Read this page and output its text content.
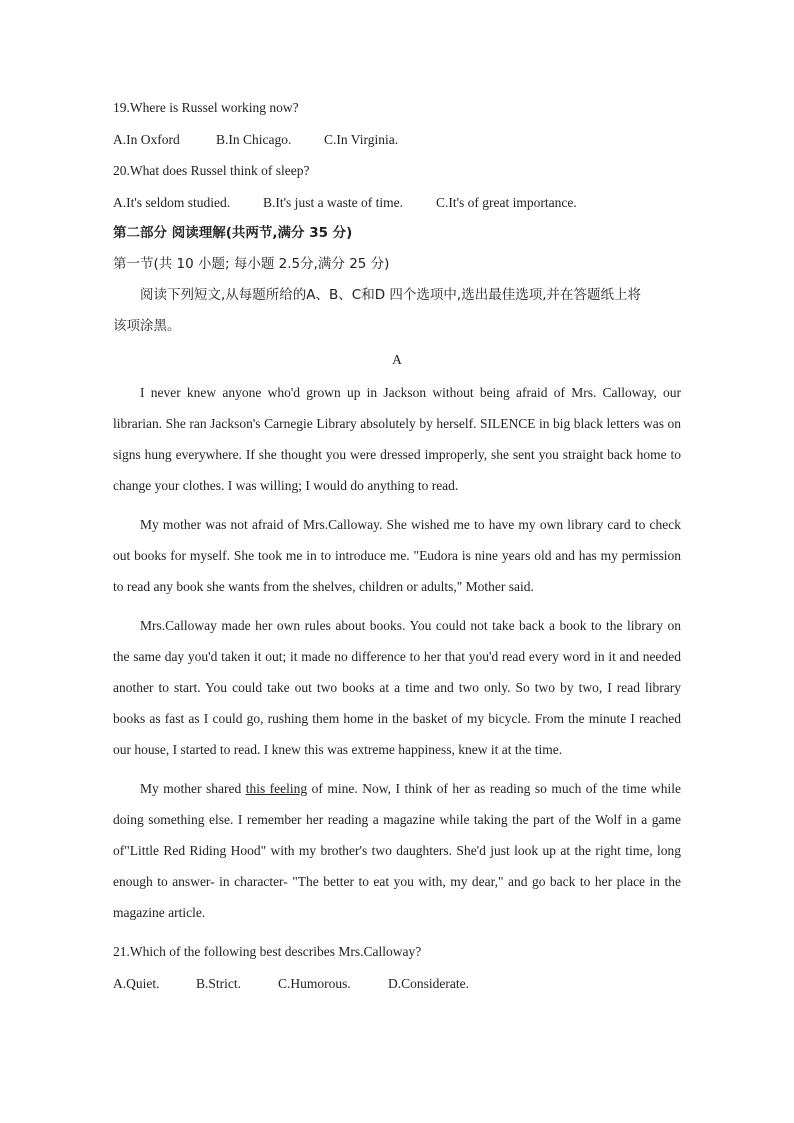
19.Where is Russel working now?

A.In Oxford	B.In Chicago.	C.In Virginia.

20.What does Russel think of sleep?

A.It's seldom studied.	B.It's just a waste of time.	C.It's of great importance.

第二部分 阅读理解(共两节,满分 35 分)

第一节(共 10 小题; 每小题 2.5分,满分 25 分)

阅读下列短文,从每题所给的A、B、C和D 四个选项中,选出最佳选项,并在答题纸上将

该项涂黑。

A

I never knew anyone who'd grown up in Jackson without being afraid of Mrs. Calloway, our librarian. She ran Jackson's Carnegie Library absolutely by herself. SILENCE in big black letters was on signs hung everywhere. If she thought you were dressed improperly, she sent you straight back home to change your clothes. I was willing; I would do anything to read.

My mother was not afraid of Mrs.Calloway. She wished me to have my own library card to check out books for myself. She took me in to introduce me. "Eudora is nine years old and has my permission to read any book she wants from the shelves, children or adults," Mother said.

Mrs.Calloway made her own rules about books. You could not take back a book to the library on the same day you'd taken it out; it made no difference to her that you'd read every word in it and needed another to start. You could take out two books at a time and two only. So two by two, I read library books as fast as I could go, rushing them home in the basket of my bicycle. From the minute I reached our house, I started to read. I knew this was extreme happiness, knew it at the time.

My mother shared this feeling of mine. Now, I think of her as reading so much of the time while doing something else. I remember her reading a magazine while taking the part of the Wolf in a game of"Little Red Riding Hood" with my brother's two daughters. She'd just look up at the right time, long enough to answer- in character- "The better to eat you with, my dear," and go back to her place in the magazine article.

21.Which of the following best describes Mrs.Calloway?

A.Quiet.	B.Strict.	C.Humorous.	D.Considerate.
